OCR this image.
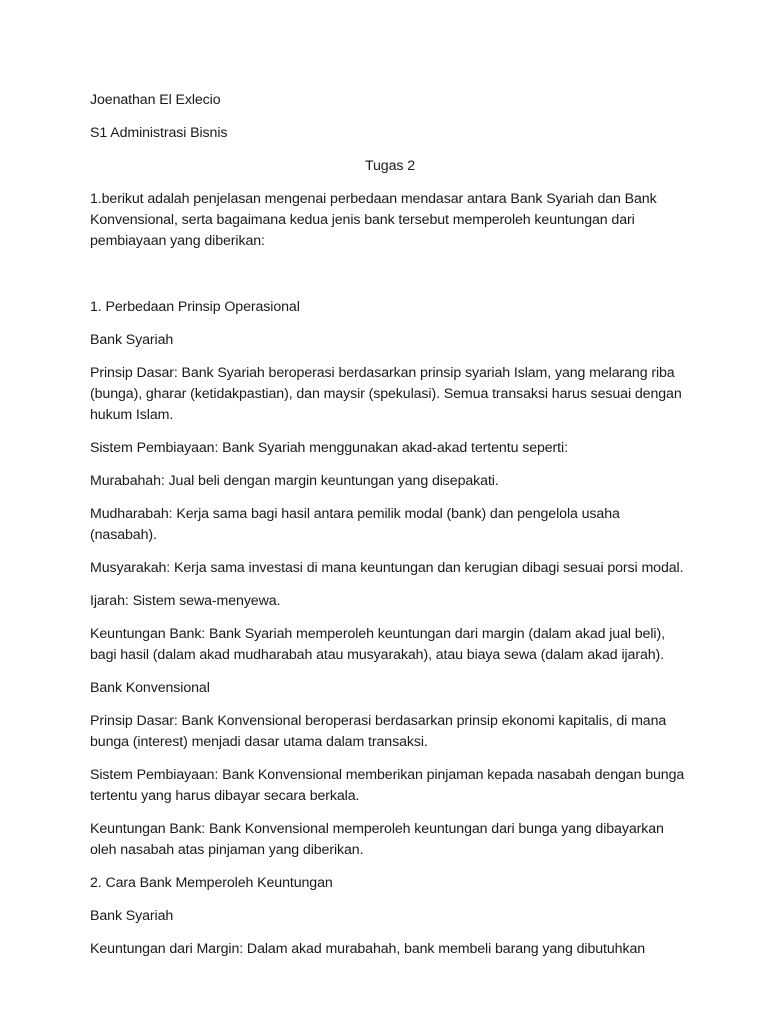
Joenathan El Exlecio

S1 Administrasi Bisnis

Tugas 2

1.berikut adalah penjelasan mengenai perbedaan mendasar antara Bank Syariah dan Bank Konvensional, serta bagaimana kedua jenis bank tersebut memperoleh keuntungan dari pembiayaan yang diberikan:

1. Perbedaan Prinsip Operasional

Bank Syariah

Prinsip Dasar: Bank Syariah beroperasi berdasarkan prinsip syariah Islam, yang melarang riba (bunga), gharar (ketidakpastian), dan maysir (spekulasi). Semua transaksi harus sesuai dengan hukum Islam.

Sistem Pembiayaan: Bank Syariah menggunakan akad-akad tertentu seperti:

Murabahah: Jual beli dengan margin keuntungan yang disepakati.

Mudharabah: Kerja sama bagi hasil antara pemilik modal (bank) dan pengelola usaha (nasabah).

Musyarakah: Kerja sama investasi di mana keuntungan dan kerugian dibagi sesuai porsi modal.

Ijarah: Sistem sewa-menyewa.

Keuntungan Bank: Bank Syariah memperoleh keuntungan dari margin (dalam akad jual beli), bagi hasil (dalam akad mudharabah atau musyarakah), atau biaya sewa (dalam akad ijarah).

Bank Konvensional

Prinsip Dasar: Bank Konvensional beroperasi berdasarkan prinsip ekonomi kapitalis, di mana bunga (interest) menjadi dasar utama dalam transaksi.

Sistem Pembiayaan: Bank Konvensional memberikan pinjaman kepada nasabah dengan bunga tertentu yang harus dibayar secara berkala.

Keuntungan Bank: Bank Konvensional memperoleh keuntungan dari bunga yang dibayarkan oleh nasabah atas pinjaman yang diberikan.

2. Cara Bank Memperoleh Keuntungan

Bank Syariah

Keuntungan dari Margin: Dalam akad murabahah, bank membeli barang yang dibutuhkan
